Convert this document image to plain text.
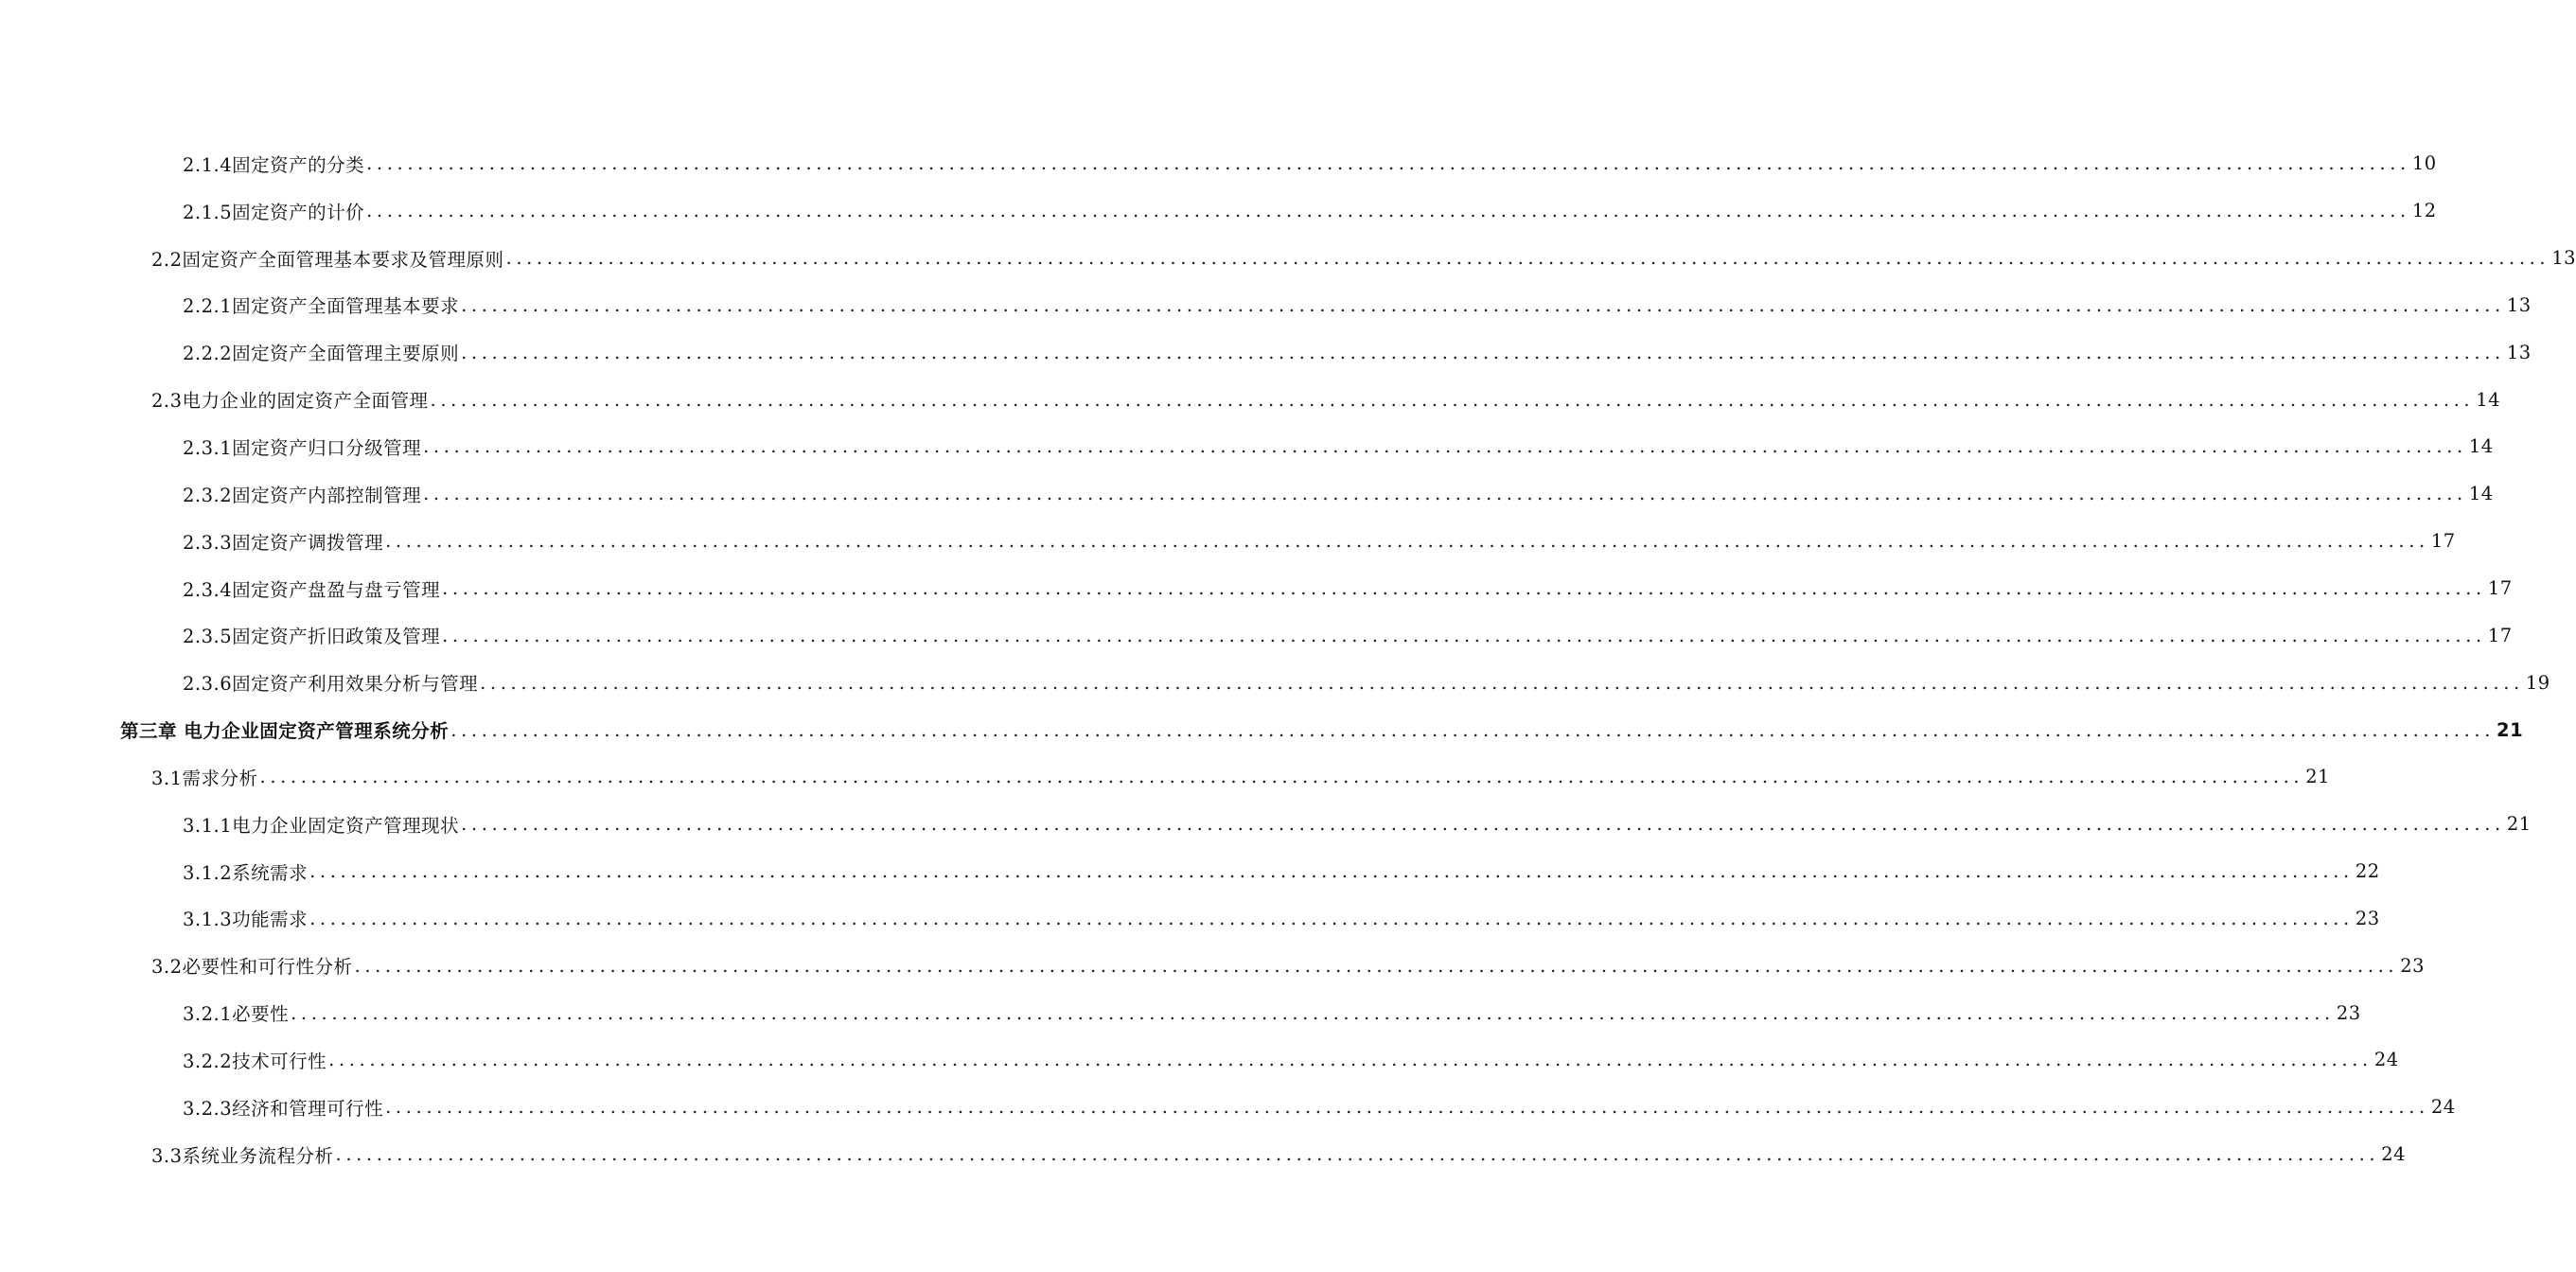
2.1.4固定资产的分类 ........................................................................................................................................................................................................ 10
2.1.5固定资产的计价 ........................................................................................................................................................................................................ 12
2.2固定资产全面管理基本要求及管理原则 ........................................................................................................................................................................................................ 13
2.2.1固定资产全面管理基本要求 ........................................................................................................................................................................................................ 13
2.2.2固定资产全面管理主要原则 ........................................................................................................................................................................................................ 13
2.3电力企业的固定资产全面管理 ........................................................................................................................................................................................................ 14
2.3.1固定资产归口分级管理 ........................................................................................................................................................................................................ 14
2.3.2固定资产内部控制管理 ........................................................................................................................................................................................................ 14
2.3.3固定资产调拨管理 ........................................................................................................................................................................................................ 17
2.3.4固定资产盘盈与盘亏管理 ........................................................................................................................................................................................................ 17
2.3.5固定资产折旧政策及管理 ........................................................................................................................................................................................................ 17
2.3.6固定资产利用效果分析与管理 ........................................................................................................................................................................................................ 19
第三章 电力企业固定资产管理系统分析 ........................................................................................................................................................................................................ 21
3.1需求分析 ........................................................................................................................................................................................................ 21
3.1.1电力企业固定资产管理现状 ........................................................................................................................................................................................................ 21
3.1.2系统需求 ........................................................................................................................................................................................................ 22
3.1.3功能需求 ........................................................................................................................................................................................................ 23
3.2必要性和可行性分析 ........................................................................................................................................................................................................ 23
3.2.1必要性 ........................................................................................................................................................................................................ 23
3.2.2技术可行性 ........................................................................................................................................................................................................ 24
3.2.3经济和管理可行性 ........................................................................................................................................................................................................ 24
3.3系统业务流程分析 ........................................................................................................................................................................................................ 24
